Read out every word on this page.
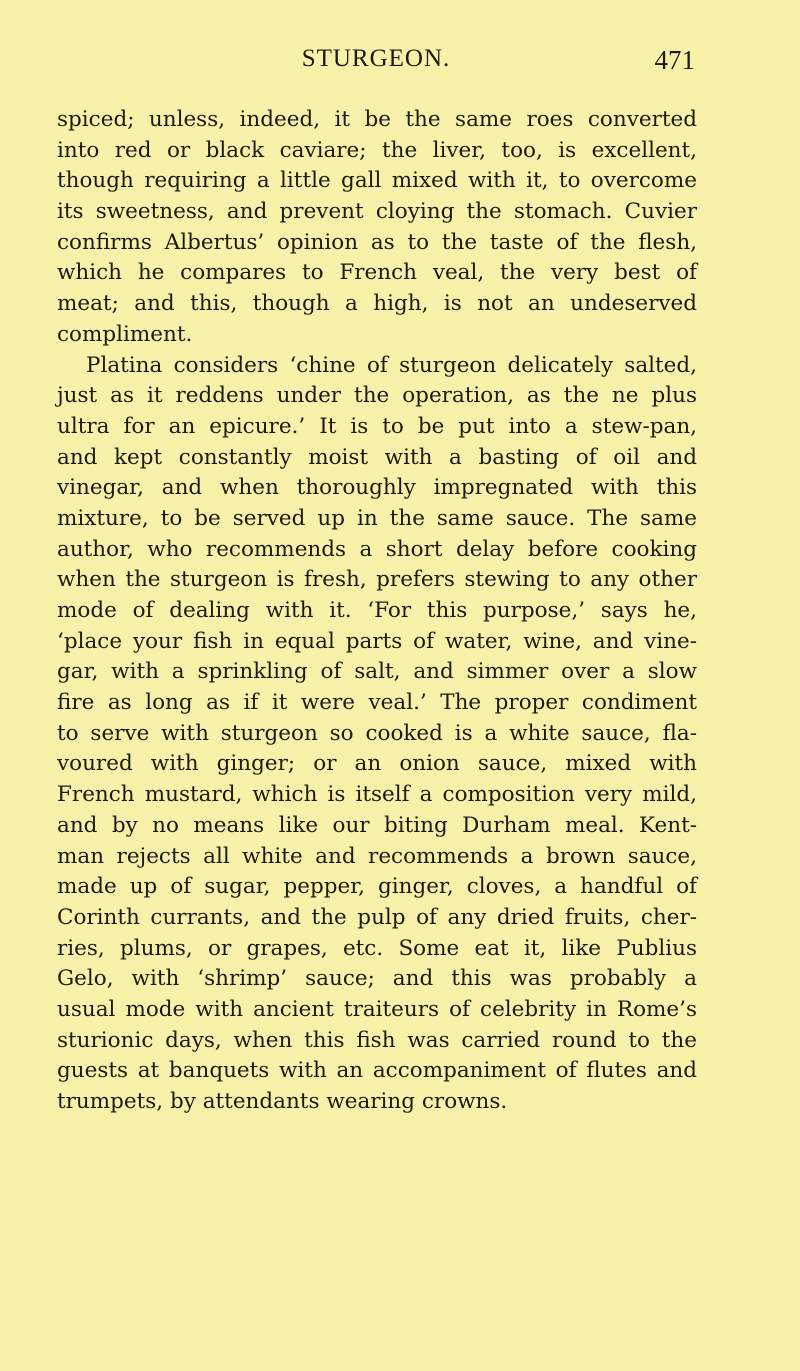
STURGEON.	471
spiced; unless, indeed, it be the same roes converted
into red or black caviare; the liver, too, is excellent,
though requiring a little gall mixed with it, to overcome
its sweetness, and prevent cloying the stomach. Cuvier
confirms Albertus’ opinion as to the taste of the flesh,
which he compares to French veal, the very best of
meat; and this, though a high, is not an undeserved
compliment.
Platina considers ‘chine of sturgeon delicately salted,
just as it reddens under the operation, as the ne plus
ultra for an epicure.’ It is to be put into a stew-pan,
and kept constantly moist with a basting of oil and
vinegar, and when thoroughly impregnated with this
mixture, to be served up in the same sauce. The same
author, who recommends a short delay before cooking
when the sturgeon is fresh, prefers stewing to any other
mode of dealing with it. ‘For this purpose,’ says he,
‘place your fish in equal parts of water, wine, and vine-
gar, with a sprinkling of salt, and simmer over a slow
fire as long as if it were veal.’ The proper condiment
to serve with sturgeon so cooked is a white sauce, fla-
voured with ginger; or an onion sauce, mixed with
French mustard, which is itself a composition very mild,
and by no means like our biting Durham meal. Kent-
man rejects all white and recommends a brown sauce,
made up of sugar, pepper, ginger, cloves, a handful of
Corinth currants, and the pulp of any dried fruits, cher-
ries, plums, or grapes, etc. Some eat it, like Publius
Gelo, with ‘shrimp’ sauce; and this was probably a
usual mode with ancient traiteurs of celebrity in Rome’s
sturionic days, when this fish was carried round to the
guests at banquets with an accompaniment of flutes and
trumpets, by attendants wearing crowns.
